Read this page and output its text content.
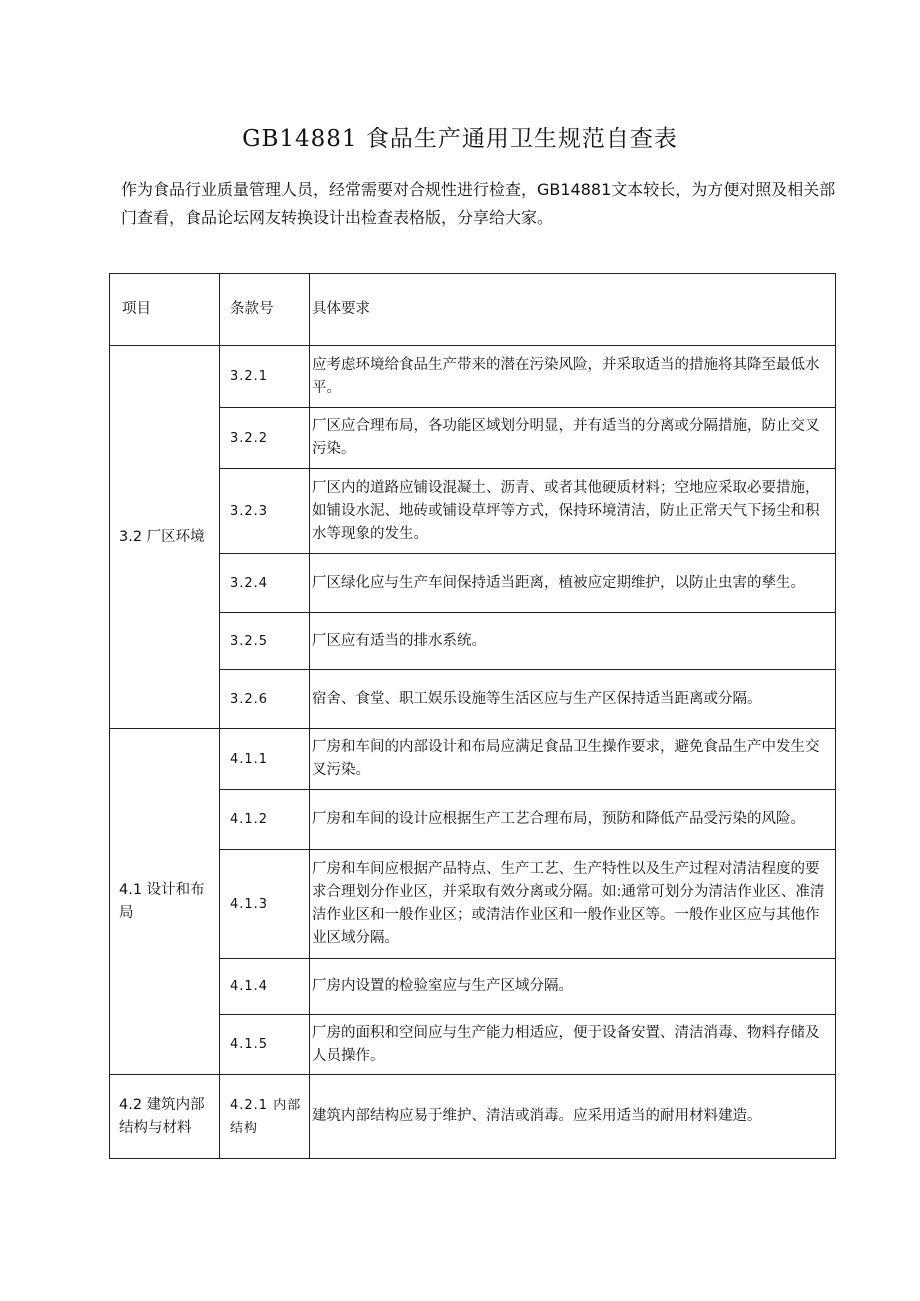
GB14881 食品生产通用卫生规范自查表
作为食品行业质量管理人员，经常需要对合规性进行检查，GB14881文本较长，为方便对照及相关部门查看，食品论坛网友转换设计出检查表格版，分享给大家。
项目	条款号	具体要求
3.2 厂区环境	3.2.1	应考虑环境给食品生产带来的潜在污染风险，并采取适当的措施将其降至最低水平。
	3.2.2	厂区应合理布局，各功能区域划分明显，并有适当的分离或分隔措施，防止交叉污染。
	3.2.3	厂区内的道路应铺设混凝土、沥青、或者其他硬质材料；空地应采取必要措施，如铺设水泥、地砖或铺设草坪等方式，保持环境清洁，防止正常天气下扬尘和积水等现象的发生。
	3.2.4	厂区绿化应与生产车间保持适当距离，植被应定期维护，以防止虫害的孳生。
	3.2.5	厂区应有适当的排水系统。
	3.2.6	宿舍、食堂、职工娱乐设施等生活区应与生产区保持适当距离或分隔。
4.1 设计和布局	4.1.1	厂房和车间的内部设计和布局应满足食品卫生操作要求，避免食品生产中发生交叉污染。
	4.1.2	厂房和车间的设计应根据生产工艺合理布局，预防和降低产品受污染的风险。
	4.1.3	厂房和车间应根据产品特点、生产工艺、生产特性以及生产过程对清洁程度的要求合理划分作业区，并采取有效分离或分隔。如:通常可划分为清洁作业区、准清洁作业区和一般作业区；或清洁作业区和一般作业区等。一般作业区应与其他作业区域分隔。
	4.1.4	厂房内设置的检验室应与生产区域分隔。
	4.1.5	厂房的面积和空间应与生产能力相适应，便于设备安置、清洁消毒、物料存储及人员操作。
4.2 建筑内部结构与材料	4.2.1 内部结构	建筑内部结构应易于维护、清洁或消毒。应采用适当的耐用材料建造。
